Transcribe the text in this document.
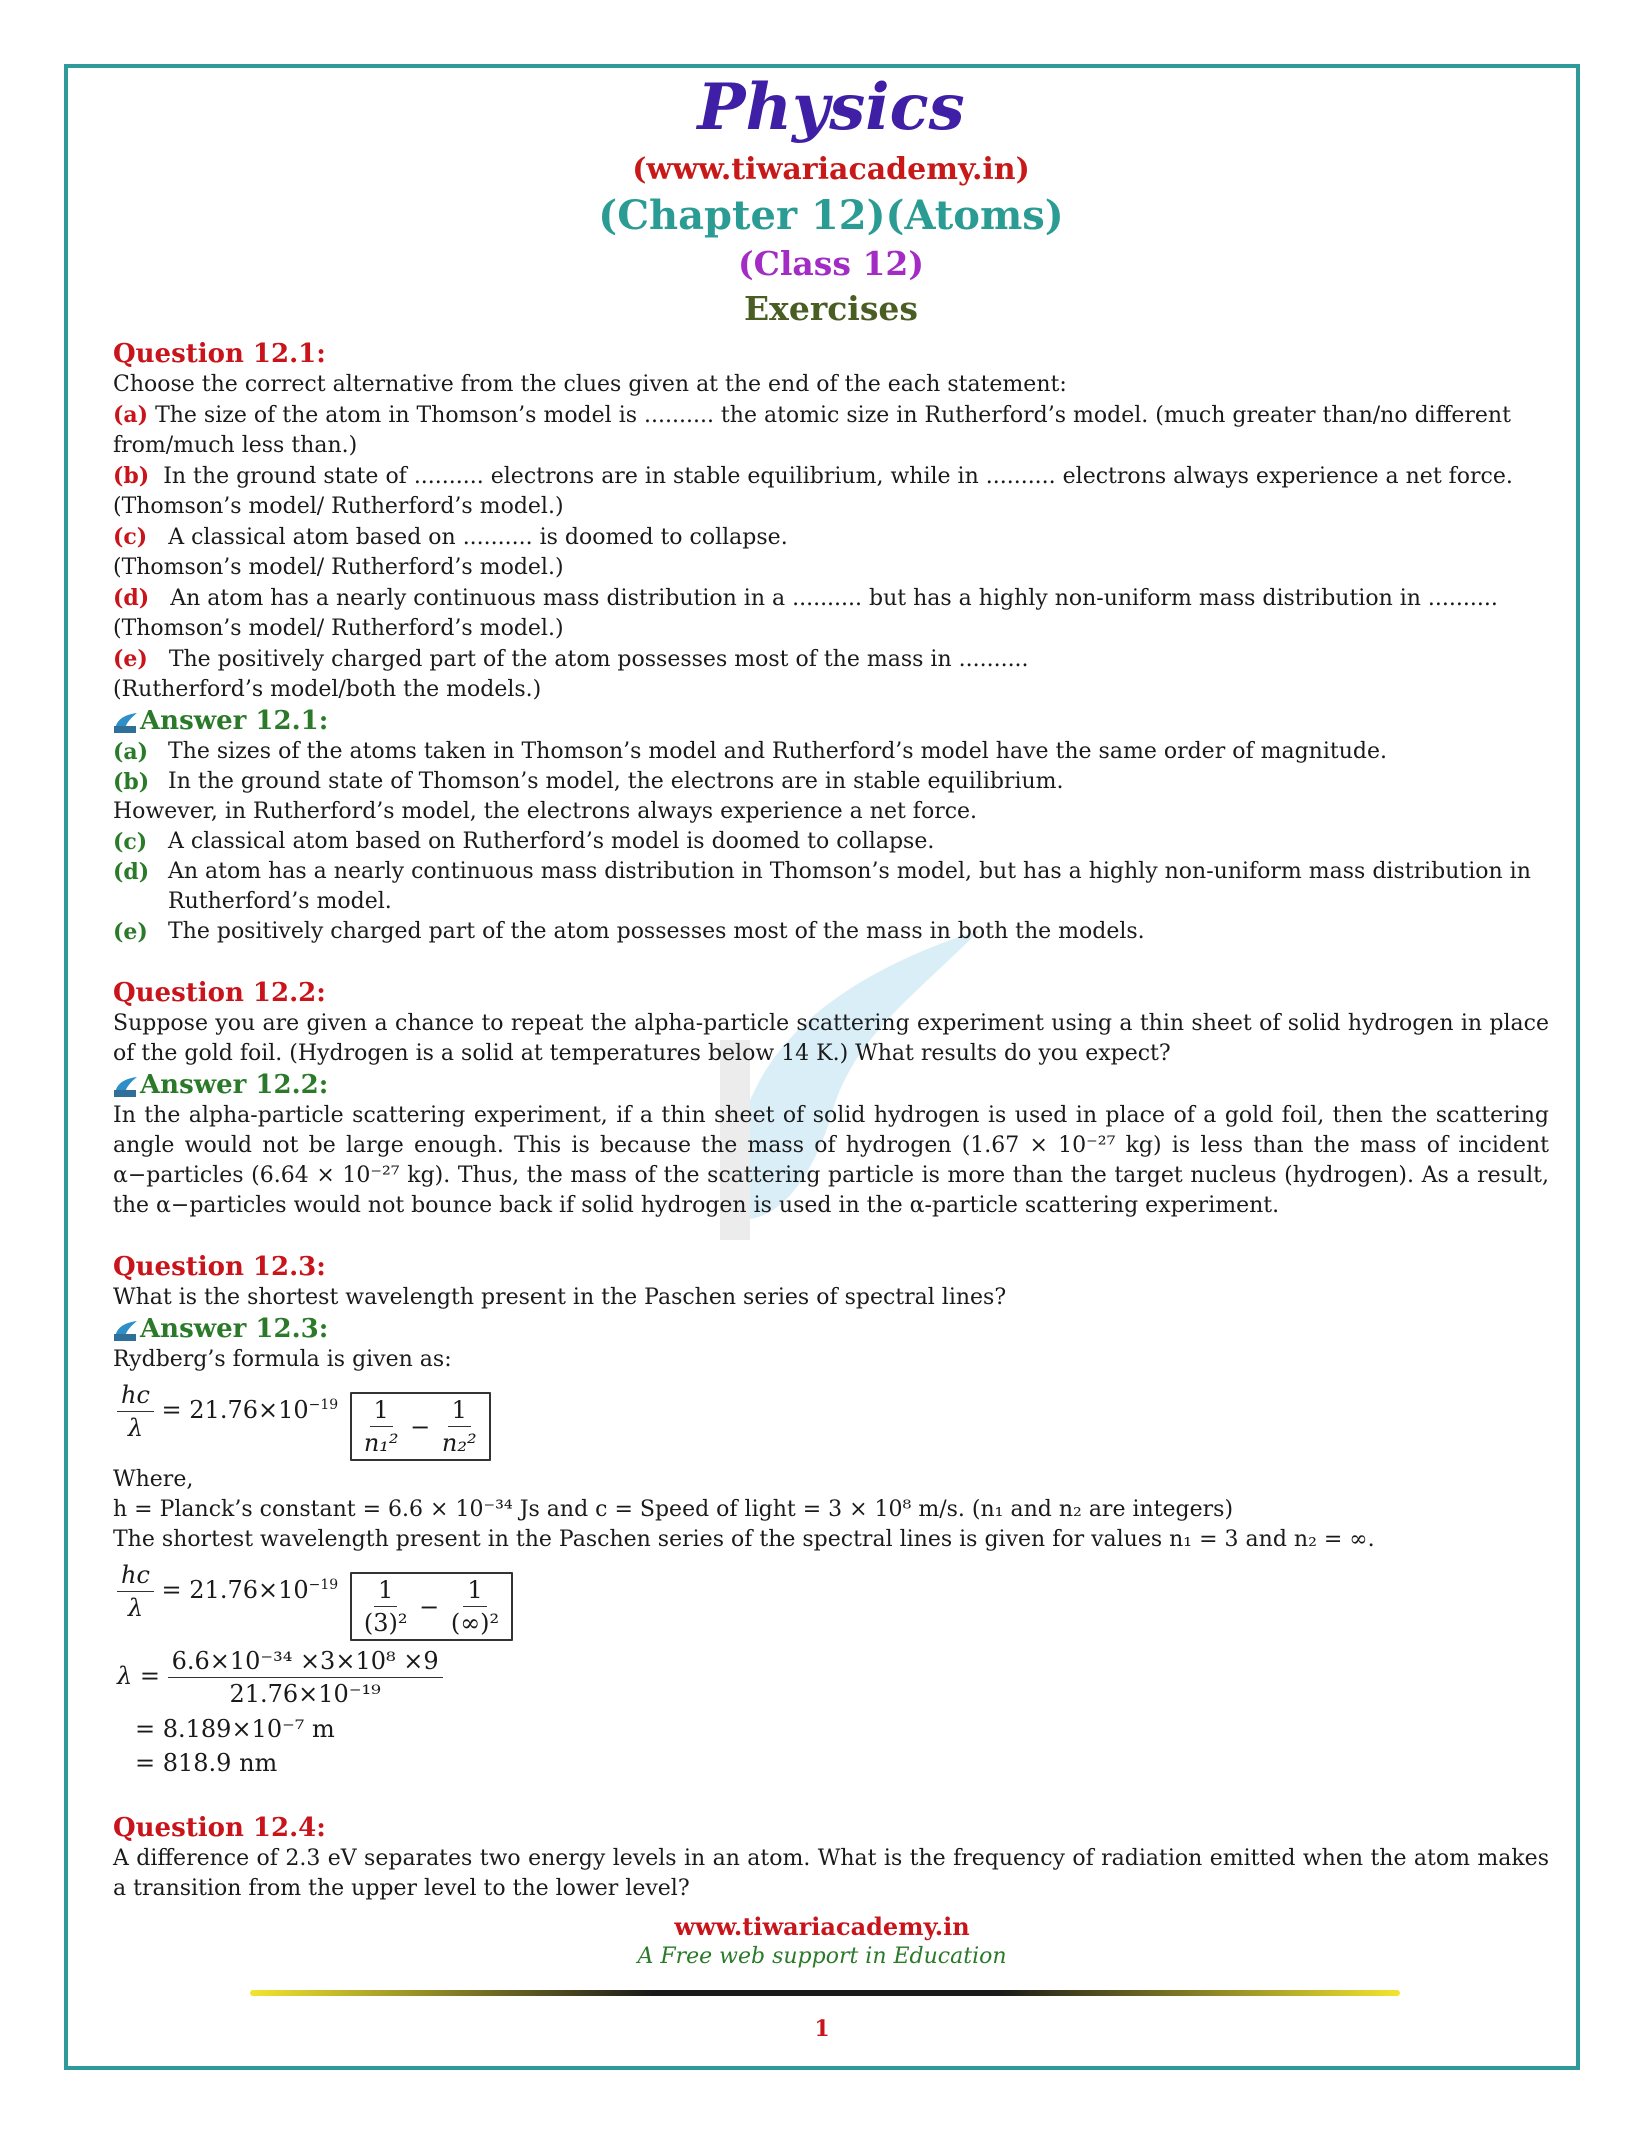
Physics
(www.tiwariacademy.in)
(Chapter 12)(Atoms)
(Class 12)
Exercises
Question 12.1:

Choose the correct alternative from the clues given at the end of the each statement:

(a) The size of the atom in Thomson’s model is .......... the atomic size in Rutherford’s model. (much greater than/no different from/much less than.)

(b) In the ground state of .......... electrons are in stable equilibrium, while in .......... electrons always experience a net force.

(Thomson’s model/ Rutherford’s model.)

(c) A classical atom based on .......... is doomed to collapse.

(Thomson’s model/ Rutherford’s model.)

(d) An atom has a nearly continuous mass distribution in a .......... but has a highly non-uniform mass distribution in ..........

(Thomson’s model/ Rutherford’s model.)

(e) The positively charged part of the atom possesses most of the mass in ..........

(Rutherford’s model/both the models.)

Answer 12.1:
(a) The sizes of the atoms taken in Thomson’s model and Rutherford’s model have the same order of magnitude.
(b) In the ground state of Thomson’s model, the electrons are in stable equilibrium.

However, in Rutherford’s model, the electrons always experience a net force.

(c) A classical atom based on Rutherford’s model is doomed to collapse.
(d) An atom has a nearly continuous mass distribution in Thomson’s model, but has a highly non-uniform mass distribution in Rutherford’s model.
(e) The positively charged part of the atom possesses most of the mass in both the models.
Question 12.2:

Suppose you are given a chance to repeat the alpha-particle scattering experiment using a thin sheet of solid hydrogen in place of the gold foil. (Hydrogen is a solid at temperatures below 14 K.) What results do you expect?

Answer 12.2:

In the alpha-particle scattering experiment, if a thin sheet of solid hydrogen is used in place of a gold foil, then the scattering angle would not be large enough. This is because the mass of hydrogen (1.67 × 10⁻²⁷ kg) is less than the mass of incident α−particles (6.64 × 10⁻²⁷ kg). Thus, the mass of the scattering particle is more than the target nucleus (hydrogen). As a result, the α−particles would not bounce back if solid hydrogen is used in the α-particle scattering experiment.

Question 12.3:

What is the shortest wavelength present in the Paschen series of spectral lines?

Answer 12.3:

Rydberg’s formula is given as:

$\frac{hc}{\lambda} = 21.76\times 10^{-19} \frac{1}{\text{n₁²}} - \frac{1}{\text{n₂²}}$

Where,

h = Planck’s constant = 6.6 × 10⁻³⁴ Js and c = Speed of light = 3 × 10⁸ m/s. (n₁ and n₂ are integers)

The shortest wavelength present in the Paschen series of the spectral lines is given for values n₁ = 3 and n₂ = ∞.

$\frac{hc}{\lambda} = 21.76\times 10^{-19} \frac{1}{\text{(3)²}} - \frac{1}{\text{(∞)²}}$
$\lambda = \frac{\text{6.6×10⁻³⁴ ×3×10⁸ ×9}}{\text{21.76×10⁻¹⁹}}$
= 8.189×10⁻⁷ m
= 818.9 nm
Question 12.4:

A difference of 2.3 eV separates two energy levels in an atom. What is the frequency of radiation emitted when the atom makes a transition from the upper level to the lower level?

www.tiwariacademy.in
A Free web support in Education
1
